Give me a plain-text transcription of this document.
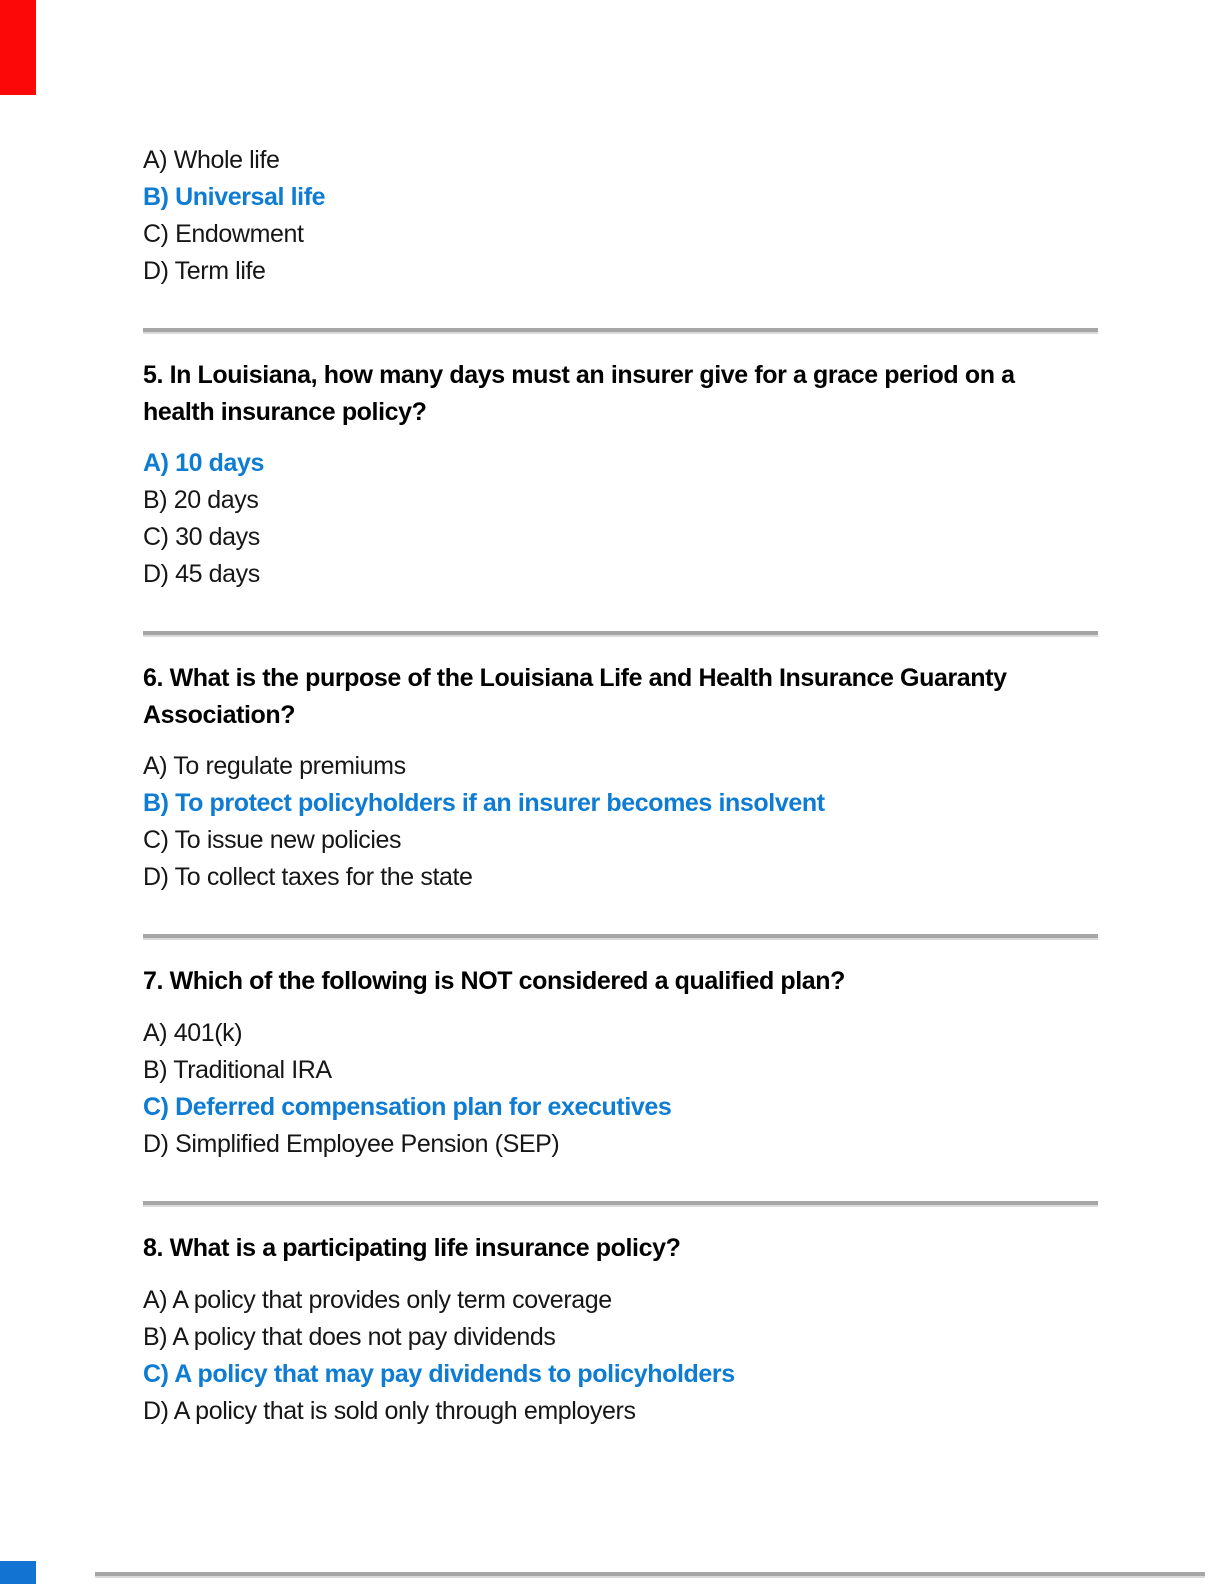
A) Whole life
B) Universal life
C) Endowment
D) Term life
5. In Louisiana, how many days must an insurer give for a grace period on a
health insurance policy?
A) 10 days
B) 20 days
C) 30 days
D) 45 days
6. What is the purpose of the Louisiana Life and Health Insurance Guaranty
Association?
A) To regulate premiums
B) To protect policyholders if an insurer becomes insolvent
C) To issue new policies
D) To collect taxes for the state
7. Which of the following is NOT considered a qualified plan?
A) 401(k)
B) Traditional IRA
C) Deferred compensation plan for executives
D) Simplified Employee Pension (SEP)
8. What is a participating life insurance policy?
A) A policy that provides only term coverage
B) A policy that does not pay dividends
C) A policy that may pay dividends to policyholders
D) A policy that is sold only through employers
